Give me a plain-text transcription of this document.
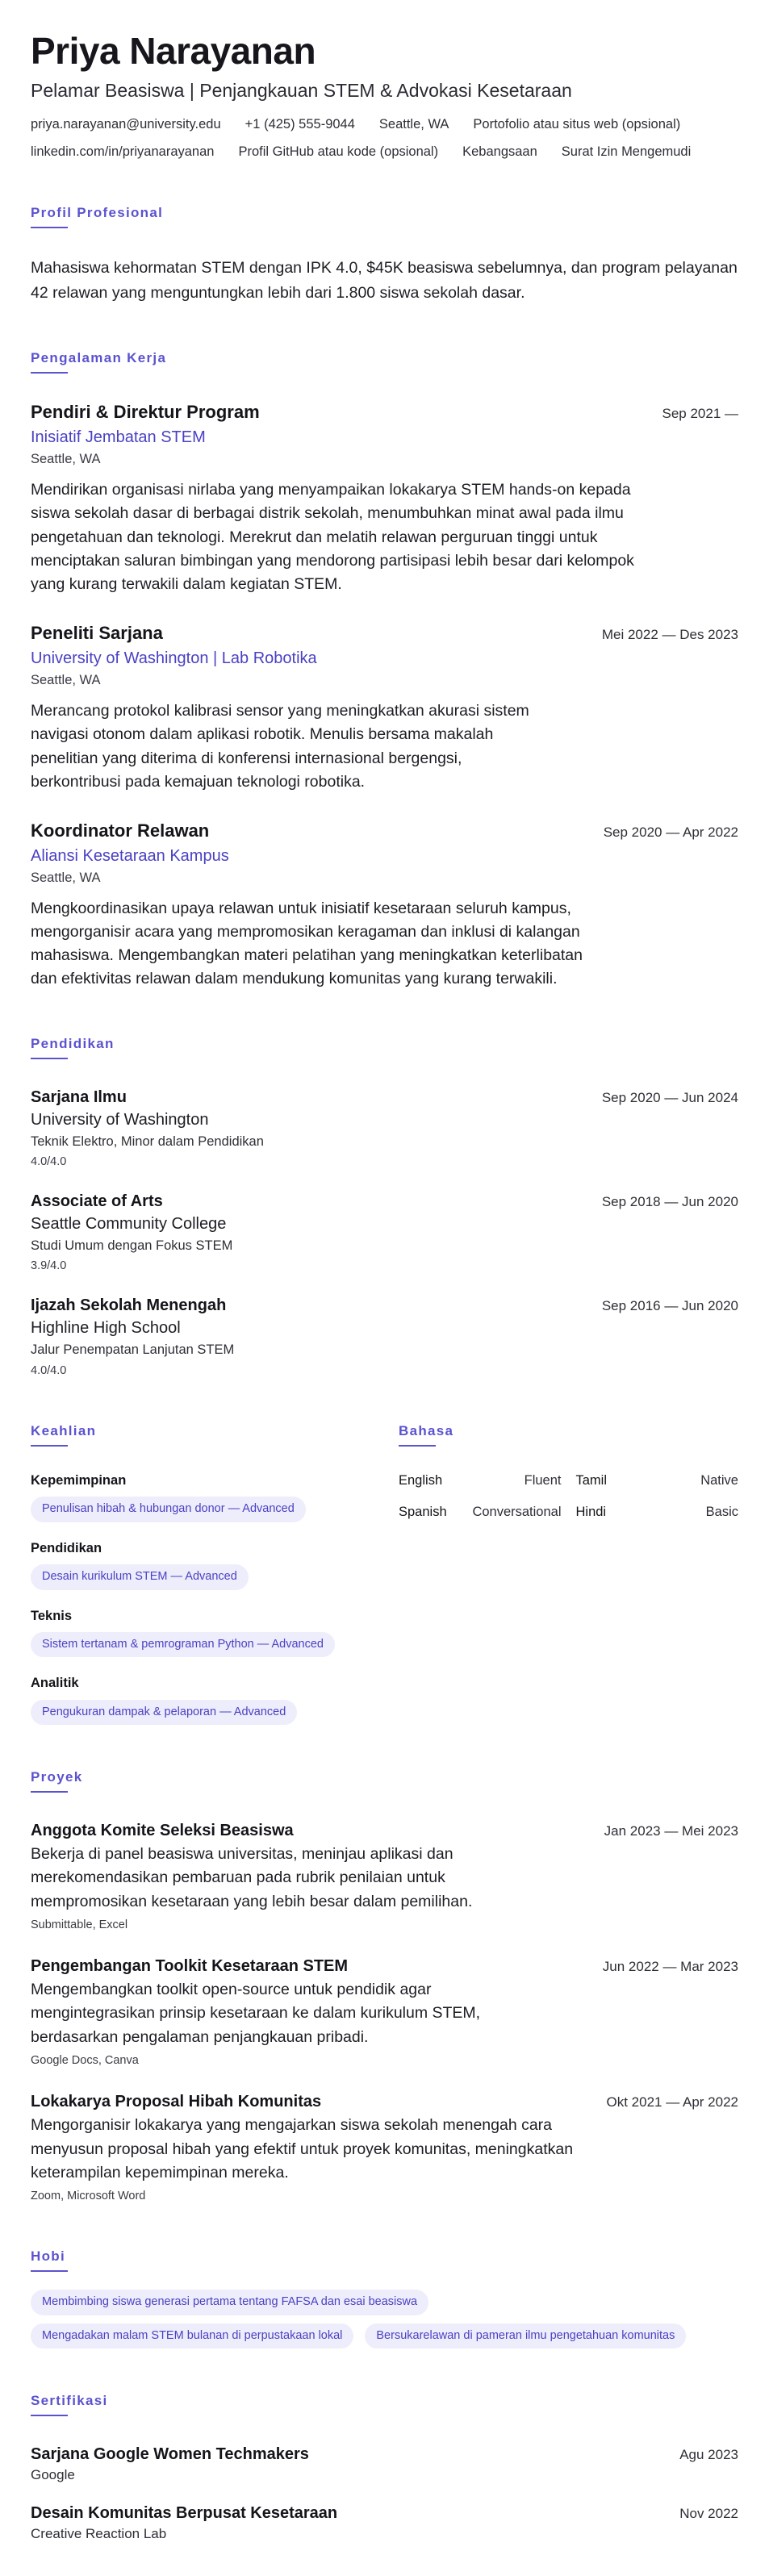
Priya Narayanan
Pelamar Beasiswa | Penjangkauan STEM & Advokasi Kesetaraan
priya.narayanan@university.edu +1 (425) 555-9044 Seattle, WA Portofolio atau situs web (opsional)
linkedin.com/in/priyanarayanan Profil GitHub atau kode (opsional) Kebangsaan Surat Izin Mengemudi
Profil Profesional

Mahasiswa kehormatan STEM dengan IPK 4.0, $45K beasiswa sebelumnya, dan program pelayanan 42 relawan yang menguntungkan lebih dari 1.800 siswa sekolah dasar.

Pengalaman Kerja
Pendiri & Direktur Program	Sep 2021 —
Inisiatif Jembatan STEM
Seattle, WA

Mendirikan organisasi nirlaba yang menyampaikan lokakarya STEM hands-on kepada siswa sekolah dasar di berbagai distrik sekolah, menumbuhkan minat awal pada ilmu pengetahuan dan teknologi. Merekrut dan melatih relawan perguruan tinggi untuk menciptakan saluran bimbingan yang mendorong partisipasi lebih besar dari kelompok yang kurang terwakili dalam kegiatan STEM.

Peneliti Sarjana	Mei 2022 — Des 2023
University of Washington | Lab Robotika
Seattle, WA

Merancang protokol kalibrasi sensor yang meningkatkan akurasi sistem navigasi otonom dalam aplikasi robotik. Menulis bersama makalah penelitian yang diterima di konferensi internasional bergengsi, berkontribusi pada kemajuan teknologi robotika.

Koordinator Relawan	Sep 2020 — Apr 2022
Aliansi Kesetaraan Kampus
Seattle, WA

Mengkoordinasikan upaya relawan untuk inisiatif kesetaraan seluruh kampus, mengorganisir acara yang mempromosikan keragaman dan inklusi di kalangan mahasiswa. Mengembangkan materi pelatihan yang meningkatkan keterlibatan dan efektivitas relawan dalam mendukung komunitas yang kurang terwakili.

Pendidikan
Sarjana Ilmu	Sep 2020 — Jun 2024
University of Washington
Teknik Elektro, Minor dalam Pendidikan
4.0/4.0
Associate of Arts	Sep 2018 — Jun 2020
Seattle Community College
Studi Umum dengan Fokus STEM
3.9/4.0
Ijazah Sekolah Menengah	Sep 2016 — Jun 2020
Highline High School
Jalur Penempatan Lanjutan STEM
4.0/4.0
Keahlian
Kepemimpinan
Penulisan hibah & hubungan donor — Advanced
Pendidikan
Desain kurikulum STEM — Advanced
Teknis
Sistem tertanam & pemrograman Python — Advanced
Analitik
Pengukuran dampak & pelaporan — Advanced
Bahasa
English	Fluent Tamil	Native
Spanish Conversational Hindi	Basic
Proyek
Anggota Komite Seleksi Beasiswa	Jan 2023 — Mei 2023

Bekerja di panel beasiswa universitas, meninjau aplikasi dan merekomendasikan pembaruan pada rubrik penilaian untuk mempromosikan kesetaraan yang lebih besar dalam pemilihan.

Submittable, Excel
Pengembangan Toolkit Kesetaraan STEM	Jun 2022 — Mar 2023

Mengembangkan toolkit open-source untuk pendidik agar mengintegrasikan prinsip kesetaraan ke dalam kurikulum STEM, berdasarkan pengalaman penjangkauan pribadi.

Google Docs, Canva
Lokakarya Proposal Hibah Komunitas	Okt 2021 — Apr 2022

Mengorganisir lokakarya yang mengajarkan siswa sekolah menengah cara menyusun proposal hibah yang efektif untuk proyek komunitas, meningkatkan keterampilan kepemimpinan mereka.

Zoom, Microsoft Word
Hobi
Membimbing siswa generasi pertama tentang FAFSA dan esai beasiswa
Mengadakan malam STEM bulanan di perpustakaan lokal	Bersukarelawan di pameran ilmu pengetahuan komunitas
Sertifikasi
Sarjana Google Women Techmakers	Agu 2023
Google
Desain Komunitas Berpusat Kesetaraan	Nov 2022
Creative Reaction Lab
